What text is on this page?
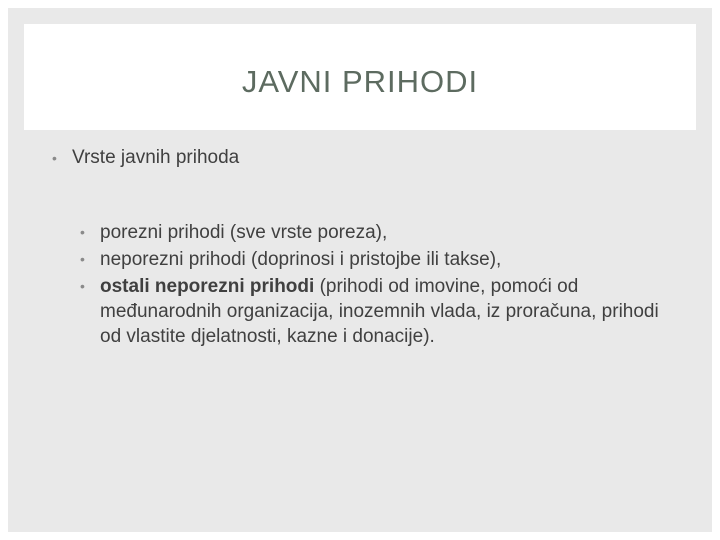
JAVNI PRIHODI
• Vrste javnih prihoda
• porezni prihodi (sve vrste poreza),
• neporezni prihodi (doprinosi i pristojbe ili takse),
• ostali neporezni prihodi (prihodi od imovine, pomoći od međunarodnih organizacija, inozemnih vlada, iz proračuna, prihodi od vlastite djelatnosti, kazne i donacije).
